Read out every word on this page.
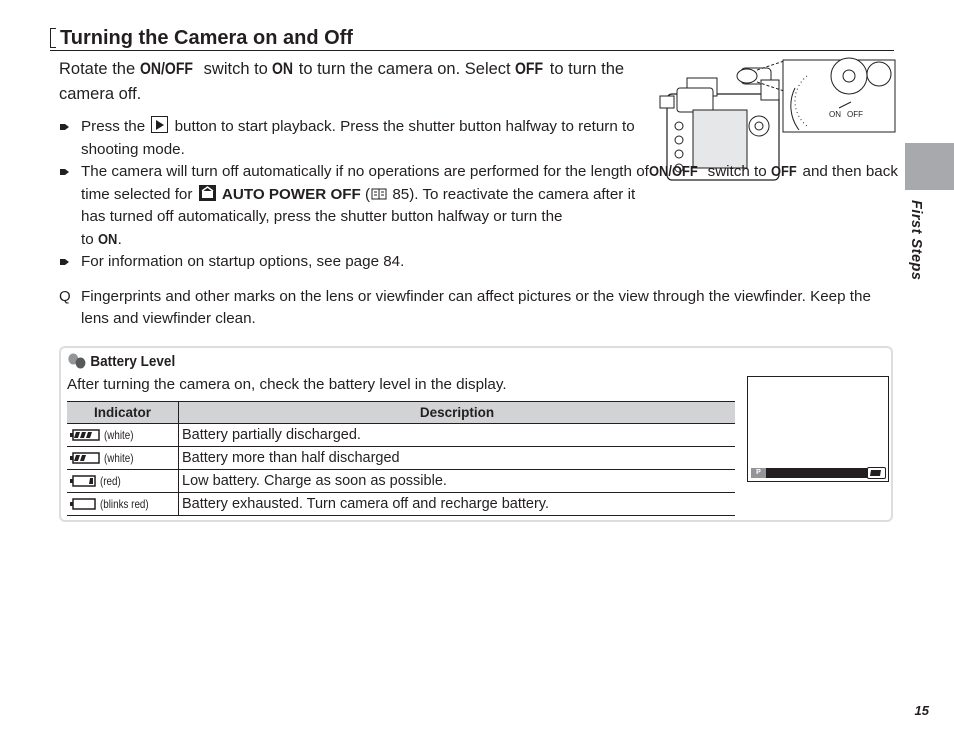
Turning the Camera on and Off
Rotate the ON/OFF switch to ON to turn the camera on. Select OFF to turn the camera off.
ON OFF
Press the  button to start playback. Press the shutter button halfway to return to shooting mode.
The camera will turn off automatically if no operations are performed for the length of time selected for  AUTO POWER OFF ( 85). To reactivate the camera after it has turned off automatically, press the shutter button halfway or turn theON/OFF switch to OFF and then back to ON.
For information on startup options, see page 84.
Q Fingerprints and other marks on the lens or viewfinder can affect pictures or the view through the viewfinder. Keep the lens and viewfinder clean.
First Steps
Battery Level
After turning the camera on, check the battery level in the display.
Indicator	Description
(white)	Battery partially discharged.
(white)	Battery more than half discharged
(red)	Low battery. Charge as soon as possible.
(blinks red)	Battery exhausted. Turn camera off and recharge battery.
P
15
